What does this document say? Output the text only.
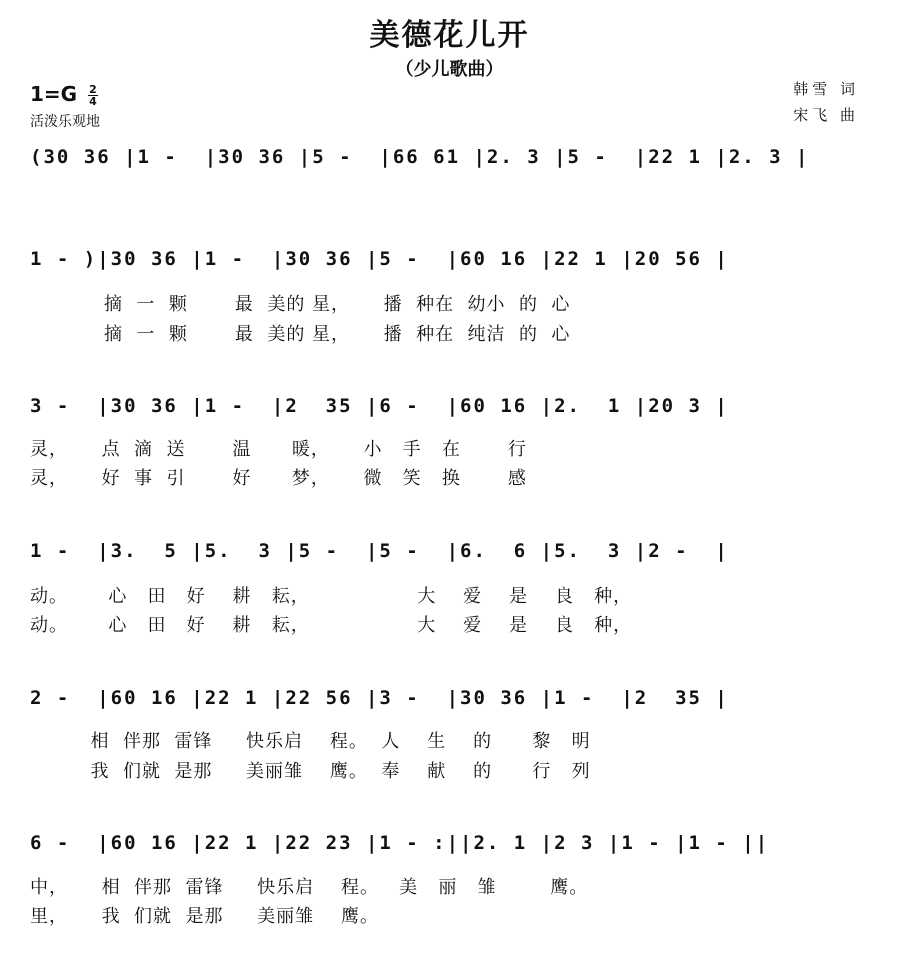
美德花儿开
（少儿歌曲）
$1=G \frac{2}{4}$
活泼乐观地
韩雪 词
宋飞 曲
(30 36 |1 -  |30 36 |5 -  |66 61 |2. 3 |5 -  |22 1 |2. 3 |
1 - )|30 36 |1 -  |30 36 |5 -  |60 16 |22 1 |20 56 |
摘  一  颗       最  美的 星，     播  种在  幼小  的  心
摘  一  颗       最  美的 星，     播  种在  纯洁  的  心
3 -  |30 36 |1 -  |2  35 |6 -  |60 16 |2.  1 |20 3 |
灵，     点  滴  送       温      暖，     小   手   在       行
灵，     好  事  引       好      梦，     微   笑   换       感
1 -  |3.  5 |5.  3 |5 -  |5 -  |6.  6 |5.  3 |2 -  |
动。      心   田   好    耕   耘，                大    爱    是    良   种，
动。      心   田   好    耕   耘，                大    爱    是    良   种，
2 -  |60 16 |22 1 |22 56 |3 -  |30 36 |1 -  |2  35 |
相  伴那  雷锋     快乐启    程。  人    生    的      黎   明
我  们就  是那     美丽雏    鹰。  奉    献    的      行   列
6 -  |60 16 |22 1 |22 23 |1 - :||2. 1 |2 3 |1 - |1 - ||
中，     相  伴那  雷锋     快乐启    程。   美   丽   雏        鹰。
里，     我  们就  是那     美丽雏    鹰。
